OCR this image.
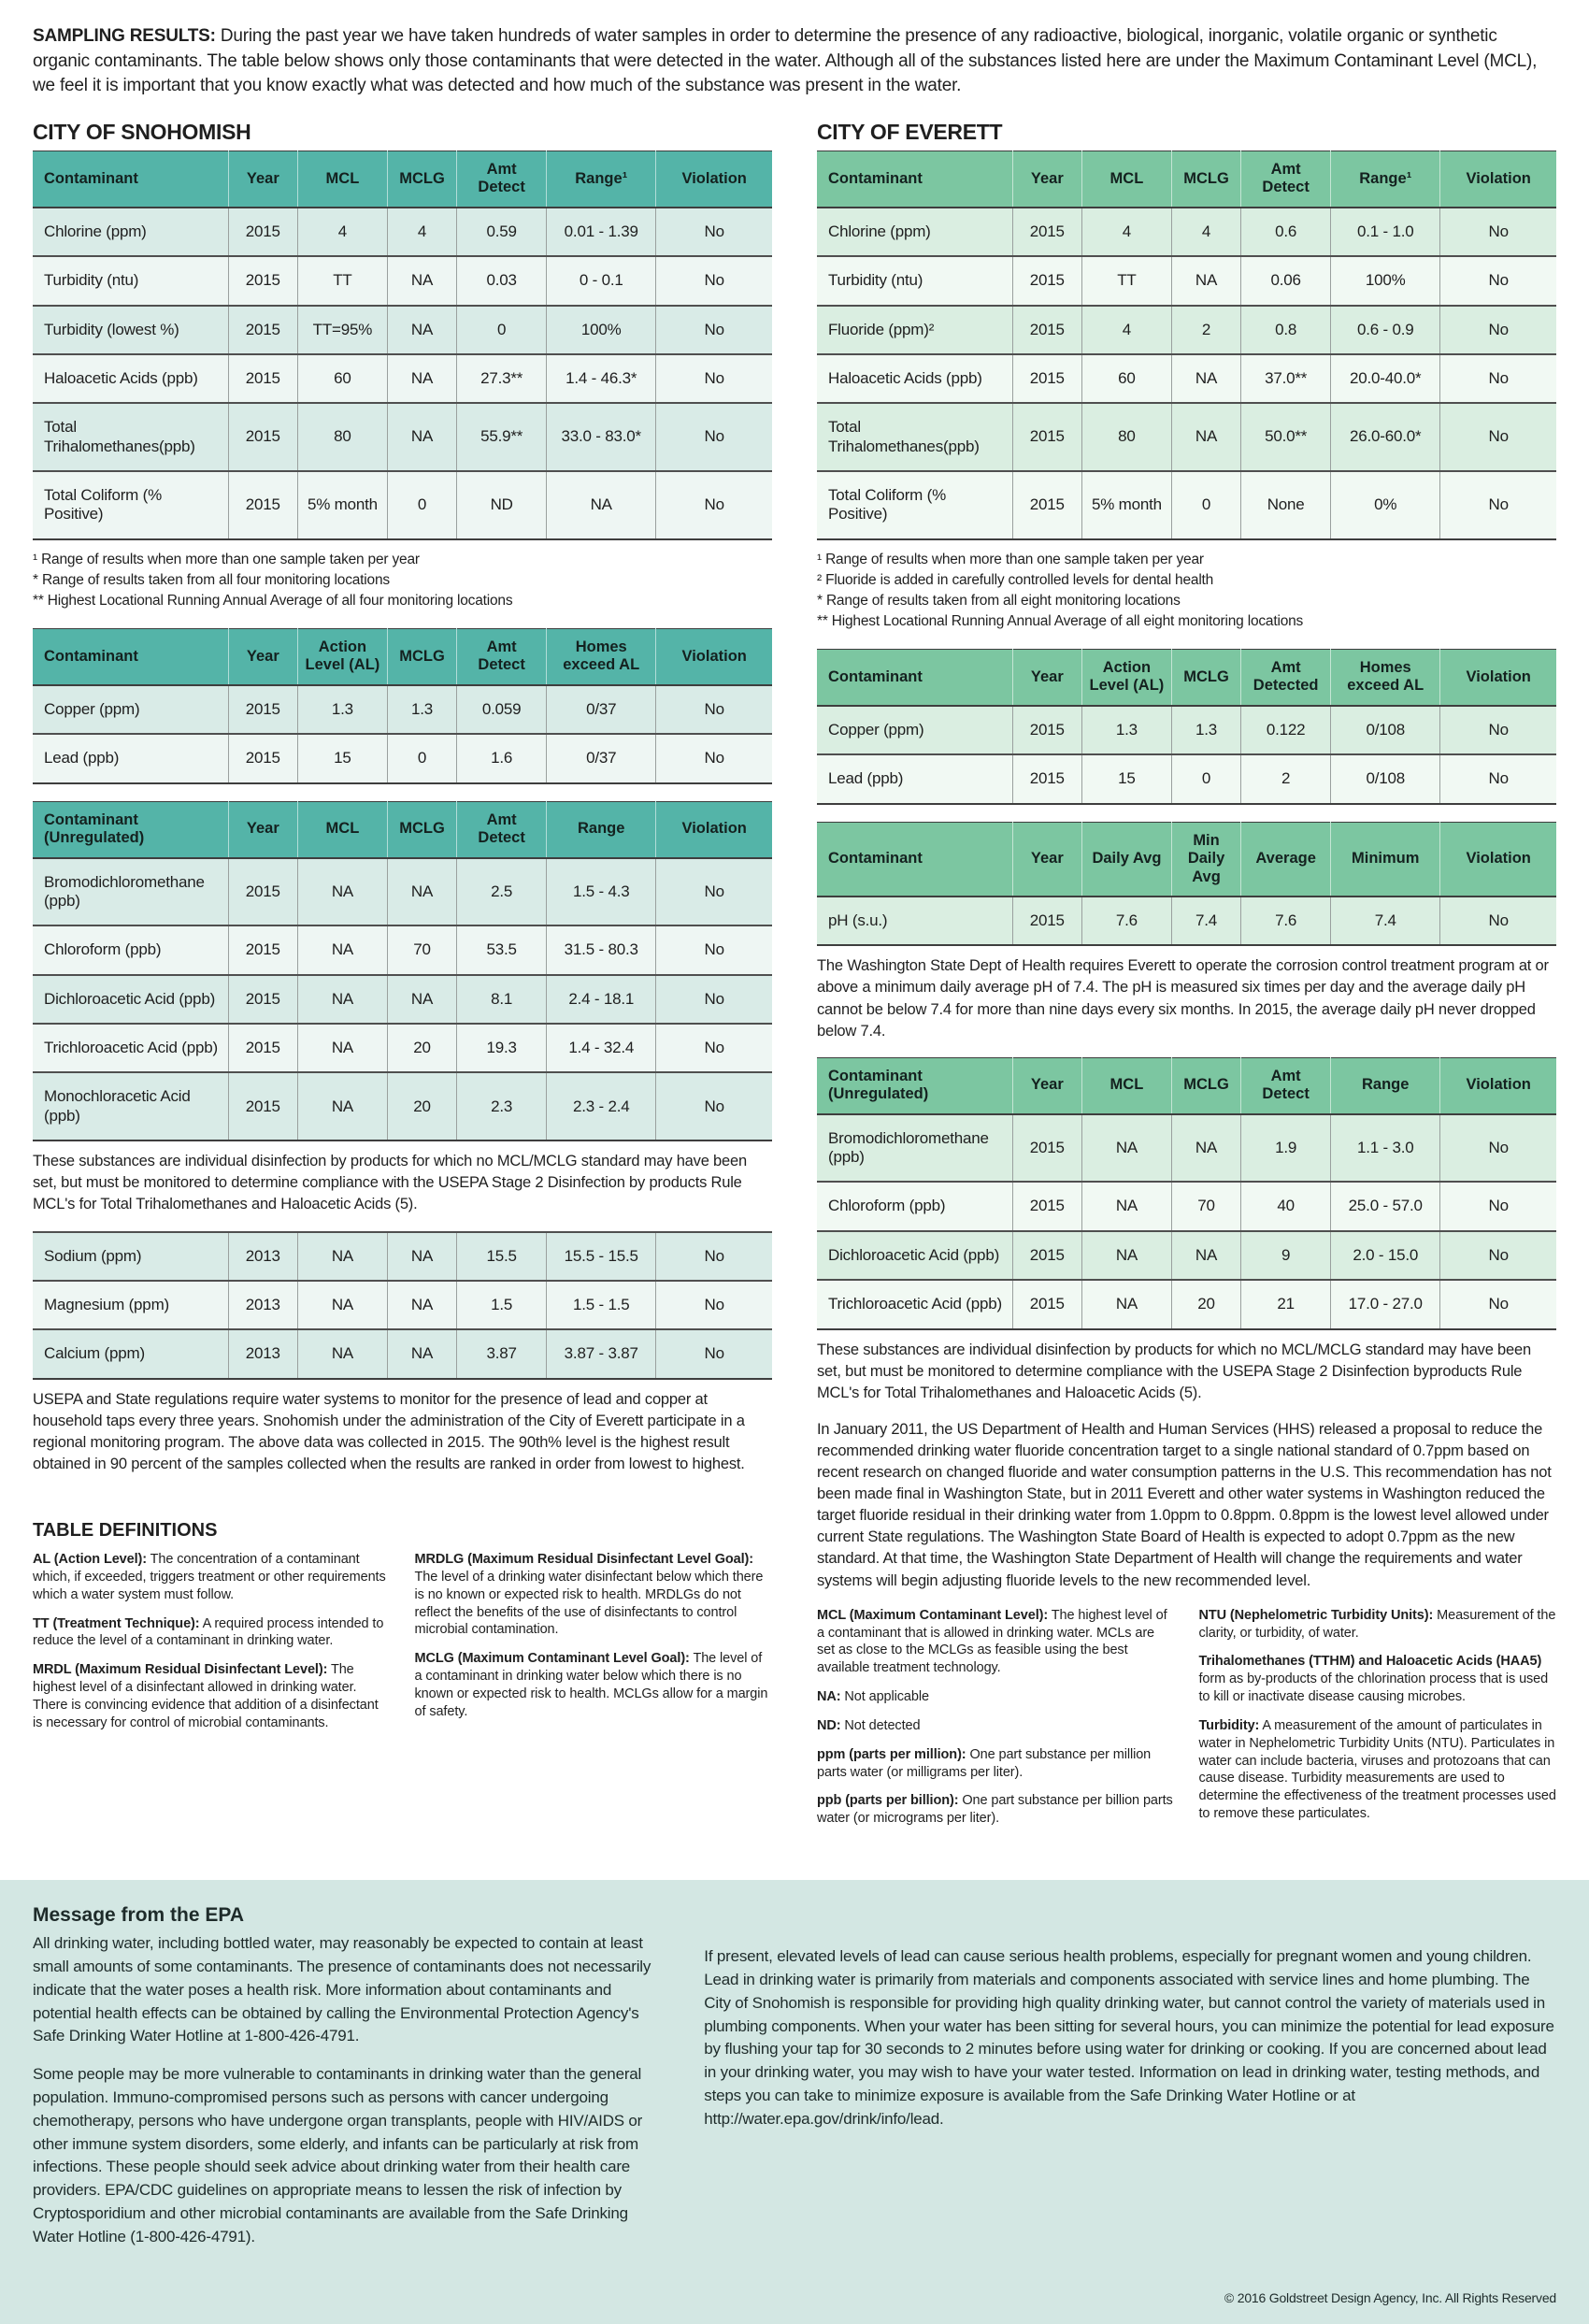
SAMPLING RESULTS: During the past year we have taken hundreds of water samples in order to determine the presence of any radioactive, biological, inorganic, volatile organic or synthetic organic contaminants. The table below shows only those contaminants that were detected in the water. Although all of the substances listed here are under the Maximum Contaminant Level (MCL), we feel it is important that you know exactly what was detected and how much of the substance was present in the water.

CITY OF SNOHOMISH
Contaminant	Year	MCL	MCLG	Amt Detect	Range¹	Violation
Chlorine (ppm)	2015	4	4	0.59	0.01 - 1.39	No
Turbidity (ntu)	2015	TT	NA	0.03	0 - 0.1	No
Turbidity (lowest %)	2015	TT=95%	NA	0	100%	No
Haloacetic Acids (ppb)	2015	60	NA	27.3**	1.4 - 46.3*	No
Total Trihalomethanes(ppb)	2015	80	NA	55.9**	33.0 - 83.0*	No
Total Coliform (% Positive)	2015	5% month	0	ND	NA	No
¹ Range of results when more than one sample taken per year
* Range of results taken from all four monitoring locations
** Highest Locational Running Annual Average of all four monitoring locations
Contaminant	Year	Action Level (AL)	MCLG	Amt Detect	Homes exceed AL	Violation
Copper (ppm)	2015	1.3	1.3	0.059	0/37	No
Lead (ppb)	2015	15	0	1.6	0/37	No
Contaminant (Unregulated)	Year	MCL	MCLG	Amt Detect	Range	Violation
Bromodichloromethane (ppb)	2015	NA	NA	2.5	1.5 - 4.3	No
Chloroform (ppb)	2015	NA	70	53.5	31.5 - 80.3	No
Dichloroacetic Acid (ppb)	2015	NA	NA	8.1	2.4 - 18.1	No
Trichloroacetic Acid (ppb)	2015	NA	20	19.3	1.4 - 32.4	No
Monochloracetic Acid (ppb)	2015	NA	20	2.3	2.3 - 2.4	No

These substances are individual disinfection by products for which no MCL/MCLG standard may have been set, but must be monitored to determine compliance with the USEPA Stage 2 Disinfection by products Rule MCL's for Total Trihalomethanes and Haloacetic Acids (5).

Sodium (ppm)	2013	NA	NA	15.5	15.5 - 15.5	No
Magnesium (ppm)	2013	NA	NA	1.5	1.5 - 1.5	No
Calcium (ppm)	2013	NA	NA	3.87	3.87 - 3.87	No

USEPA and State regulations require water systems to monitor for the presence of lead and copper at household taps every three years. Snohomish under the administration of the City of Everett participate in a regional monitoring program. The above data was collected in 2015. The 90th% level is the highest result obtained in 90 percent of the samples collected when the results are ranked in order from lowest to highest.

TABLE DEFINITIONS

AL (Action Level): The concentration of a contaminant which, if exceeded, triggers treatment or other requirements which a water system must follow.

TT (Treatment Technique): A required process intended to reduce the level of a contaminant in drinking water.

MRDL (Maximum Residual Disinfectant Level): The highest level of a disinfectant allowed in drinking water. There is convincing evidence that addition of a disinfectant is necessary for control of microbial contaminants.

MRDLG (Maximum Residual Disinfectant Level Goal): The level of a drinking water disinfectant below which there is no known or expected risk to health. MRDLGs do not reflect the benefits of the use of disinfectants to control microbial contamination.

MCLG (Maximum Contaminant Level Goal): The level of a contaminant in drinking water below which there is no known or expected risk to health. MCLGs allow for a margin of safety.

CITY OF EVERETT
Contaminant	Year	MCL	MCLG	Amt Detect	Range¹	Violation
Chlorine (ppm)	2015	4	4	0.6	0.1 - 1.0	No
Turbidity (ntu)	2015	TT	NA	0.06	100%	No
Fluoride (ppm)²	2015	4	2	0.8	0.6 - 0.9	No
Haloacetic Acids (ppb)	2015	60	NA	37.0**	20.0-40.0*	No
Total Trihalomethanes(ppb)	2015	80	NA	50.0**	26.0-60.0*	No
Total Coliform (% Positive)	2015	5% month	0	None	0%	No
¹ Range of results when more than one sample taken per year
² Fluoride is added in carefully controlled levels for dental health
* Range of results taken from all eight monitoring locations
** Highest Locational Running Annual Average of all eight monitoring locations
Contaminant	Year	Action Level (AL)	MCLG	Amt Detected	Homes exceed AL	Violation
Copper (ppm)	2015	1.3	1.3	0.122	0/108	No
Lead (ppb)	2015	15	0	2	0/108	No
Contaminant	Year	Daily Avg	Min Daily Avg	Average	Minimum	Violation
pH (s.u.)	2015	7.6	7.4	7.6	7.4	No

The Washington State Dept of Health requires Everett to operate the corrosion control treatment program at or above a minimum daily average pH of 7.4. The pH is measured six times per day and the average daily pH cannot be below 7.4 for more than nine days every six months. In 2015, the average daily pH never dropped below 7.4.

Contaminant (Unregulated)	Year	MCL	MCLG	Amt Detect	Range	Violation
Bromodichloromethane (ppb)	2015	NA	NA	1.9	1.1 - 3.0	No
Chloroform (ppb)	2015	NA	70	40	25.0 - 57.0	No
Dichloroacetic Acid (ppb)	2015	NA	NA	9	2.0 - 15.0	No
Trichloroacetic Acid (ppb)	2015	NA	20	21	17.0 - 27.0	No

These substances are individual disinfection by products for which no MCL/MCLG standard may have been set, but must be monitored to determine compliance with the USEPA Stage 2 Disinfection byproducts Rule MCL's for Total Trihalomethanes and Haloacetic Acids (5).

In January 2011, the US Department of Health and Human Services (HHS) released a proposal to reduce the recommended drinking water fluoride concentration target to a single national standard of 0.7ppm based on recent research on changed fluoride and water consumption patterns in the U.S. This recommendation has not been made final in Washington State, but in 2011 Everett and other water systems in Washington reduced the target fluoride residual in their drinking water from 1.0ppm to 0.8ppm. 0.8ppm is the lowest level allowed under current State regulations. The Washington State Board of Health is expected to adopt 0.7ppm as the new standard. At that time, the Washington State Department of Health will change the requirements and water systems will begin adjusting fluoride levels to the new recommended level.

MCL (Maximum Contaminant Level): The highest level of a contaminant that is allowed in drinking water. MCLs are set as close to the MCLGs as feasible using the best available treatment technology.

NA: Not applicable

ND: Not detected

ppm (parts per million): One part substance per million parts water (or milligrams per liter).

ppb (parts per billion): One part substance per billion parts water (or micrograms per liter).

NTU (Nephelometric Turbidity Units): Measurement of the clarity, or turbidity, of water.

Trihalomethanes (TTHM) and Haloacetic Acids (HAA5) form as by-products of the chlorination process that is used to kill or inactivate disease causing microbes.

Turbidity: A measurement of the amount of particulates in water in Nephelometric Turbidity Units (NTU). Particulates in water can include bacteria, viruses and protozoans that can cause disease. Turbidity measurements are used to determine the effectiveness of the treatment processes used to remove these particulates.

Message from the EPA

All drinking water, including bottled water, may reasonably be expected to contain at least small amounts of some contaminants. The presence of contaminants does not necessarily indicate that the water poses a health risk. More information about contaminants and potential health effects can be obtained by calling the Environmental Protection Agency's Safe Drinking Water Hotline at 1-800-426-4791.

Some people may be more vulnerable to contaminants in drinking water than the general population. Immuno-compromised persons such as persons with cancer undergoing chemotherapy, persons who have undergone organ transplants, people with HIV/AIDS or other immune system disorders, some elderly, and infants can be particularly at risk from infections. These people should seek advice about drinking water from their health care providers. EPA/CDC guidelines on appropriate means to lessen the risk of infection by Cryptosporidium and other microbial contaminants are available from the Safe Drinking Water Hotline (1-800-426-4791).

If present, elevated levels of lead can cause serious health problems, especially for pregnant women and young children. Lead in drinking water is primarily from materials and components associated with service lines and home plumbing. The City of Snohomish is responsible for providing high quality drinking water, but cannot control the variety of materials used in plumbing components. When your water has been sitting for several hours, you can minimize the potential for lead exposure by flushing your tap for 30 seconds to 2 minutes before using water for drinking or cooking. If you are concerned about lead in your drinking water, you may wish to have your water tested. Information on lead in drinking water, testing methods, and steps you can take to minimize exposure is available from the Safe Drinking Water Hotline or at http://water.epa.gov/drink/info/lead.

© 2016 Goldstreet Design Agency, Inc. All Rights Reserved
